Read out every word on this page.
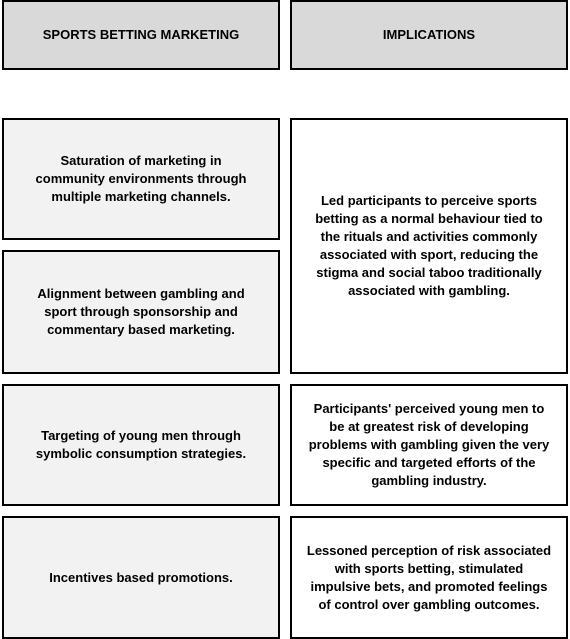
SPORTS BETTING MARKETING	IMPLICATIONS
Saturation of marketing in
community environments through
multiple marketing channels.
Alignment between gambling and
sport through sponsorship and
commentary based marketing.
Targeting of young men through
symbolic consumption strategies.
Incentives based promotions.
Led participants to perceive sports
betting as a normal behaviour tied to
the rituals and activities commonly
associated with sport, reducing the
stigma and social taboo traditionally
associated with gambling.
Participants' perceived young men to
be at greatest risk of developing
problems with gambling given the very
specific and targeted efforts of the
gambling industry.
Lessoned perception of risk associated
with sports betting, stimulated
impulsive bets, and promoted feelings
of control over gambling outcomes.
